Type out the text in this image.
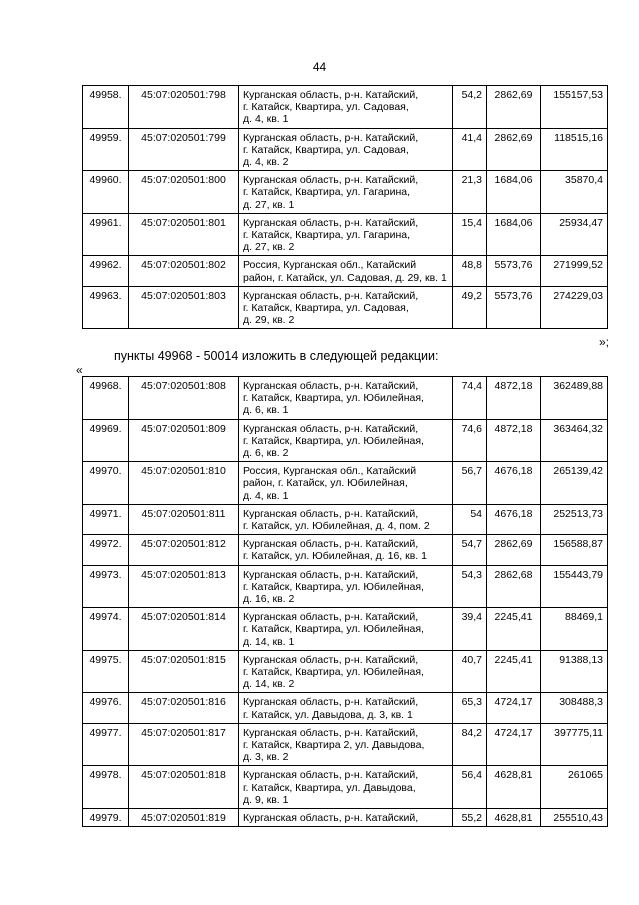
44
49958.	45:07:020501:798	Курганская область, р-н. Катайский,
г. Катайск, Квартира, ул. Садовая,
д. 4, кв. 1	54,2	2862,69	155157,53
49959.	45:07:020501:799	Курганская область, р-н. Катайский,
г. Катайск, Квартира, ул. Садовая,
д. 4, кв. 2	41,4	2862,69	118515,16
49960.	45:07:020501:800	Курганская область, р-н. Катайский,
г. Катайск, Квартира, ул. Гагарина,
д. 27, кв. 1	21,3	1684,06	35870,4
49961.	45:07:020501:801	Курганская область, р-н. Катайский,
г. Катайск, Квартира, ул. Гагарина,
д. 27, кв. 2	15,4	1684,06	25934,47
49962.	45:07:020501:802	Россия, Курганская обл., Катайский
район, г. Катайск, ул. Садовая, д. 29, кв. 1	48,8	5573,76	271999,52
49963.	45:07:020501:803	Курганская область, р-н. Катайский,
г. Катайск, Квартира, ул. Садовая,
д. 29, кв. 2	49,2	5573,76	274229,03
»;
пункты 49968 - 50014 изложить в следующей редакции:
«
49968.	45:07:020501:808	Курганская область, р-н. Катайский,
г. Катайск, Квартира, ул. Юбилейная,
д. 6, кв. 1	74,4	4872,18	362489,88
49969.	45:07:020501:809	Курганская область, р-н. Катайский,
г. Катайск, Квартира, ул. Юбилейная,
д. 6, кв. 2	74,6	4872,18	363464,32
49970.	45:07:020501:810	Россия, Курганская обл., Катайский
район, г. Катайск, ул. Юбилейная,
д. 4, кв. 1	56,7	4676,18	265139,42
49971.	45:07:020501:811	Курганская область, р-н. Катайский,
г. Катайск, ул. Юбилейная, д. 4, пом. 2	54	4676,18	252513,73
49972.	45:07:020501:812	Курганская область, р-н. Катайский,
г. Катайск, ул. Юбилейная, д. 16, кв. 1	54,7	2862,69	156588,87
49973.	45:07:020501:813	Курганская область, р-н. Катайский,
г. Катайск, Квартира, ул. Юбилейная,
д. 16, кв. 2	54,3	2862,68	155443,79
49974.	45:07:020501:814	Курганская область, р-н. Катайский,
г. Катайск, Квартира, ул. Юбилейная,
д. 14, кв. 1	39,4	2245,41	88469,1
49975.	45:07:020501:815	Курганская область, р-н. Катайский,
г. Катайск, Квартира, ул. Юбилейная,
д. 14, кв. 2	40,7	2245,41	91388,13
49976.	45:07:020501:816	Курганская область, р-н. Катайский,
г. Катайск, ул. Давыдова, д. 3, кв. 1	65,3	4724,17	308488,3
49977.	45:07:020501:817	Курганская область, р-н. Катайский,
г. Катайск, Квартира 2, ул. Давыдова,
д. 3, кв. 2	84,2	4724,17	397775,11
49978.	45:07:020501:818	Курганская область, р-н. Катайский,
г. Катайск, Квартира, ул. Давыдова,
д. 9, кв. 1	56,4	4628,81	261065
49979.	45:07:020501:819	Курганская область, р-н. Катайский,	55,2	4628,81	255510,43
